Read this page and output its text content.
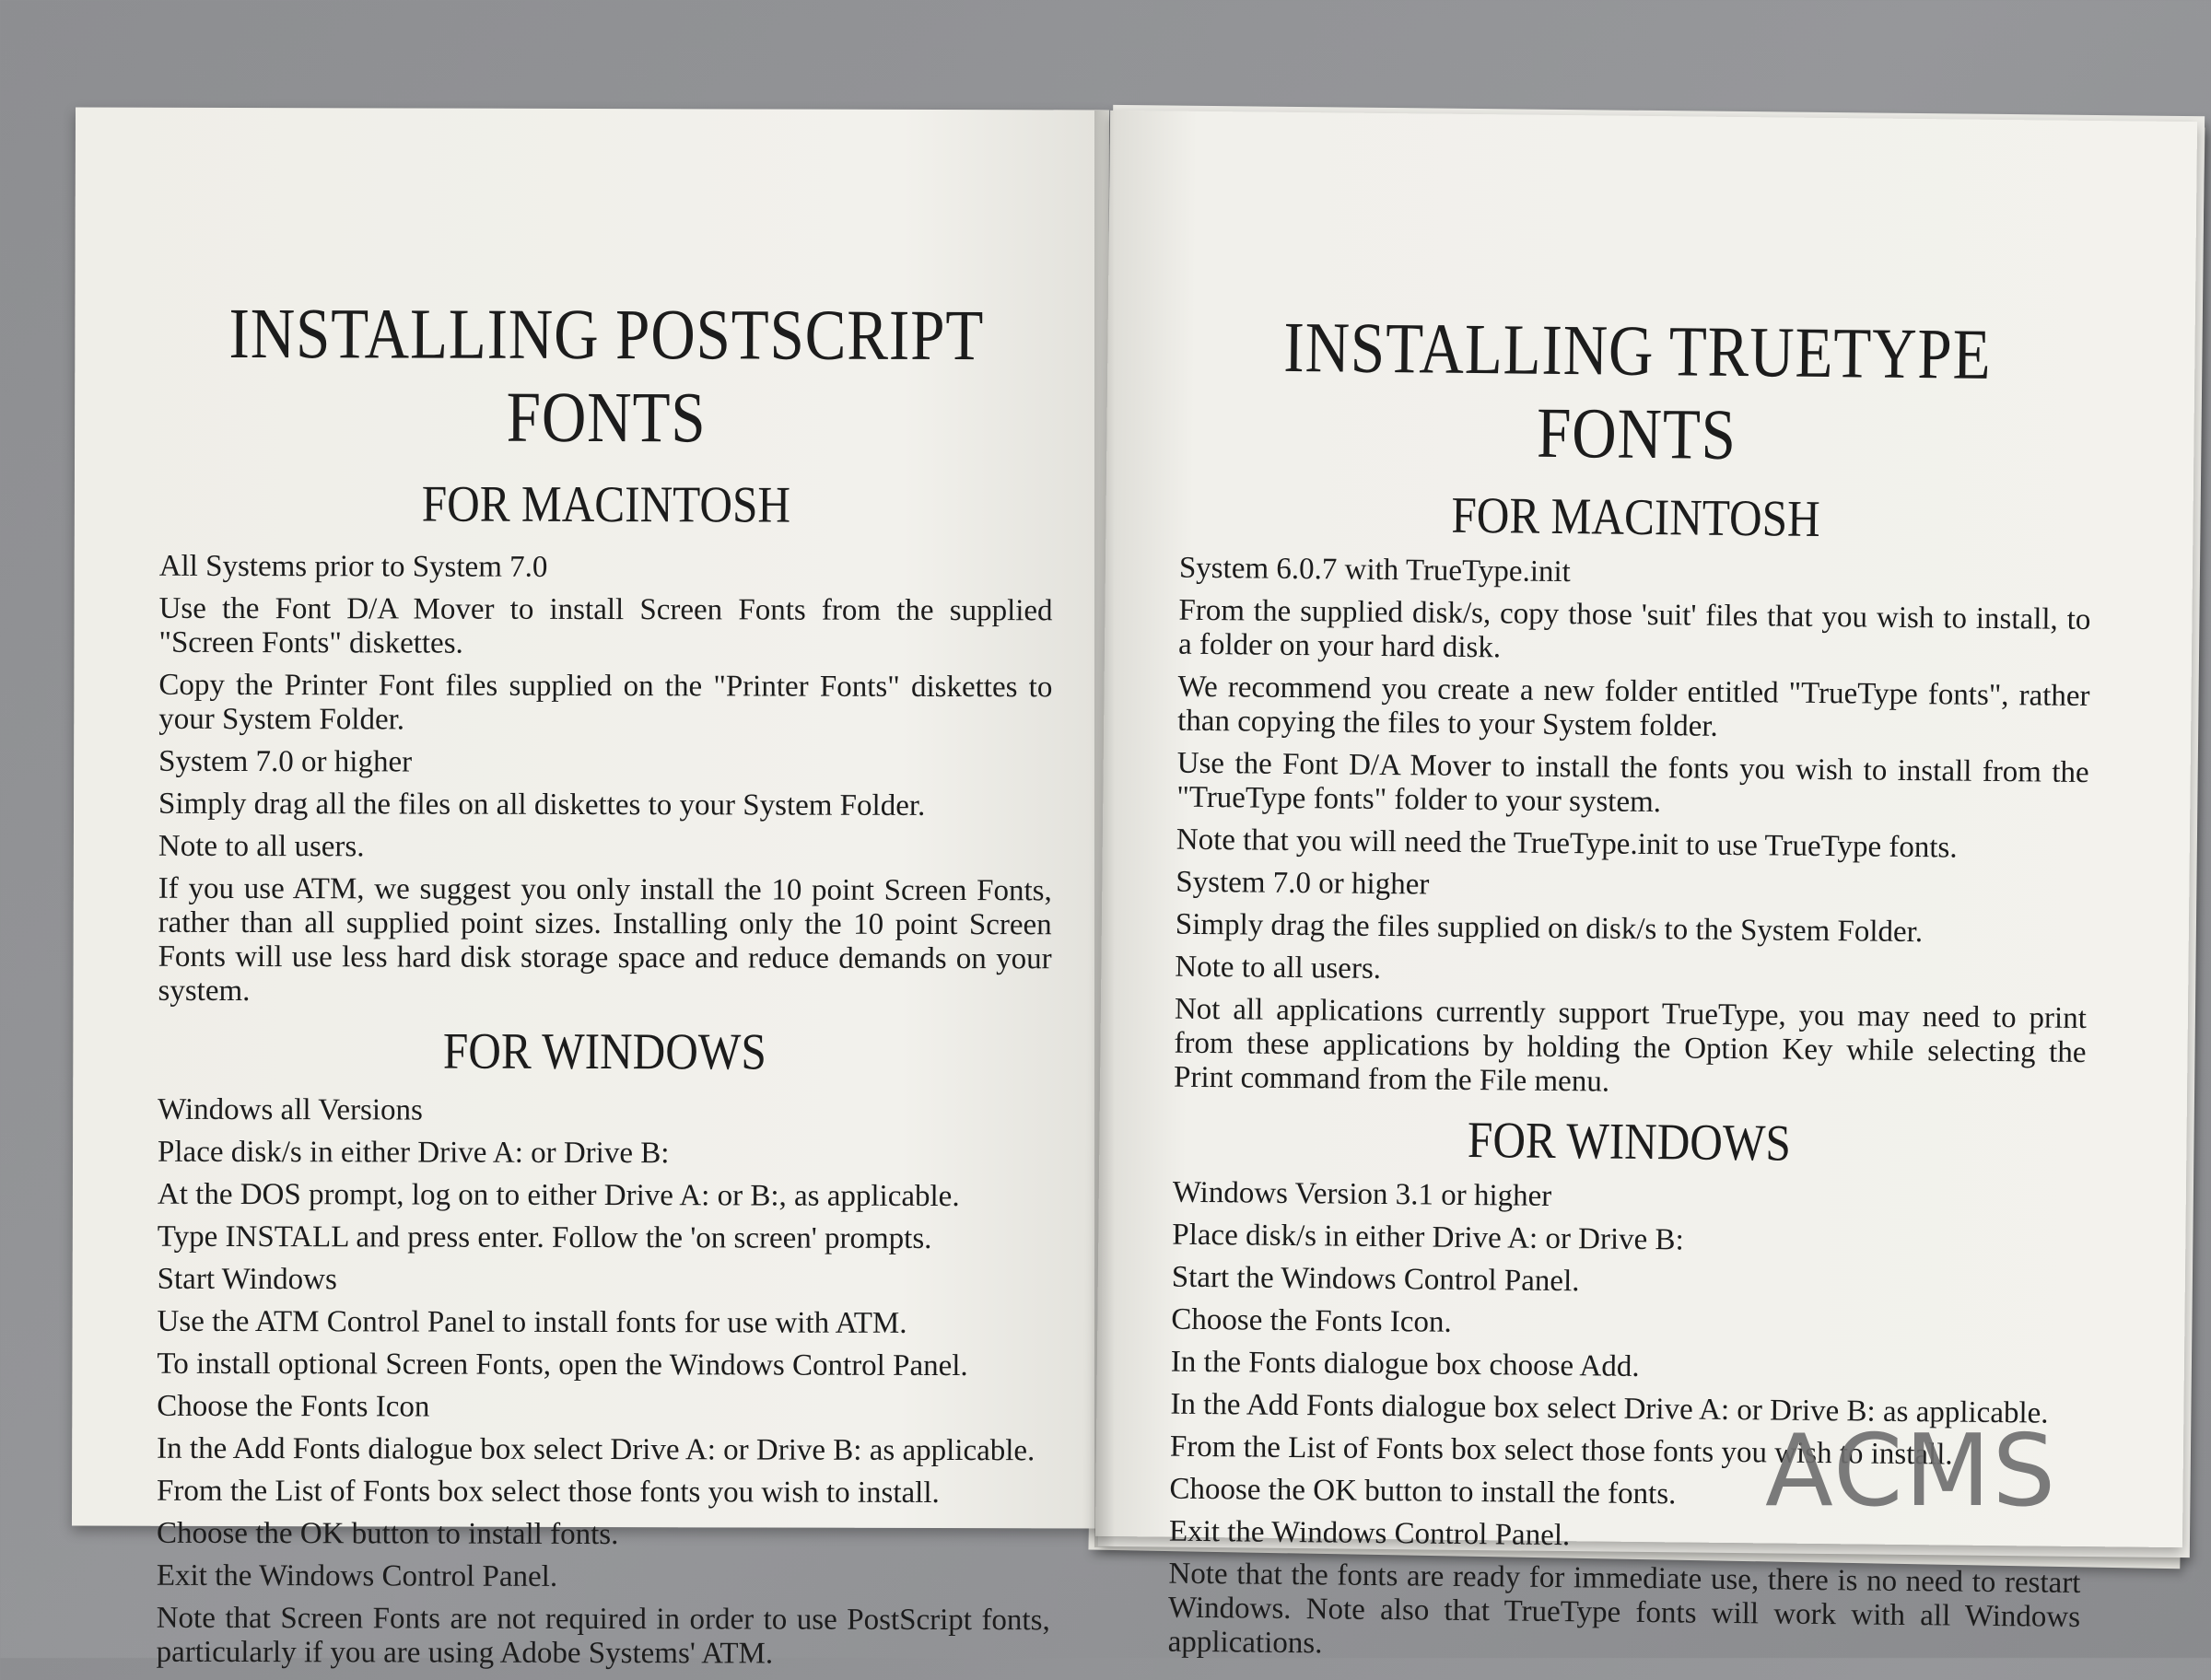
INSTALLING POSTSCRIPT FONTS
FOR MACINTOSH

All Systems prior to System 7.0

Use the Font D/A Mover to install Screen Fonts from the supplied "Screen Fonts" diskettes.

Copy the Printer Font files supplied on the "Printer Fonts" diskettes to your System Folder.

System 7.0 or higher

Simply drag all the files on all diskettes to your System Folder.

Note to all users.

If you use ATM, we suggest you only install the 10 point Screen Fonts, rather than all supplied point sizes. Installing only the 10 point Screen Fonts will use less hard disk storage space and reduce demands on your system.

FOR WINDOWS

Windows all Versions

Place disk/s in either Drive A: or Drive B:

At the DOS prompt, log on to either Drive A: or B:, as applicable.

Type INSTALL and press enter. Follow the 'on screen' prompts.

Start Windows

Use the ATM Control Panel to install fonts for use with ATM.

To install optional Screen Fonts, open the Windows Control Panel.

Choose the Fonts Icon

In the Add Fonts dialogue box select Drive A: or Drive B: as applicable.

From the List of Fonts box select those fonts you wish to install.

Choose the OK button to install fonts.

Exit the Windows Control Panel.

Note that Screen Fonts are not required in order to use PostScript fonts, particularly if you are using Adobe Systems' ATM.

INSTALLING TRUETYPE FONTS
FOR MACINTOSH

System 6.0.7 with TrueType.init

From the supplied disk/s, copy those 'suit' files that you wish to install, to a folder on your hard disk.

We recommend you create a new folder entitled "TrueType fonts", rather than copying the files to your System folder.

Use the Font D/A Mover to install the fonts you wish to install from the "TrueType fonts" folder to your system.

Note that you will need the TrueType.init to use TrueType fonts.

System 7.0 or higher

Simply drag the files supplied on disk/s to the System Folder.

Note to all users.

Not all applications currently support TrueType, you may need to print from these applications by holding the Option Key while selecting the Print command from the File menu.

FOR WINDOWS

Windows Version 3.1 or higher

Place disk/s in either Drive A: or Drive B:

Start the Windows Control Panel.

Choose the Fonts Icon.

In the Fonts dialogue box choose Add.

In the Add Fonts dialogue box select Drive A: or Drive B: as applicable.

From the List of Fonts box select those fonts you wish to install.

Choose the OK button to install the fonts.

Exit the Windows Control Panel.

Note that the fonts are ready for immediate use, there is no need to restart Windows. Note also that TrueType fonts will work with all Windows applications.

ACMS
